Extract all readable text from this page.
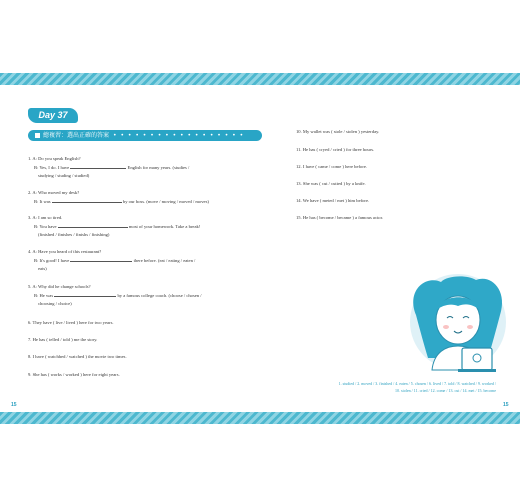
Day 37
總複習：選出正確的答案 • • • • • • • • • • • • • • • • • •
1. A: Do you speak English?
B: Yes, I do. I have	English for many years. (studies /
studying / studing / studied)
2. A: Who moved my desk?
B: It was	by our boss. (move / moving / moved / moves)
3. A: I am so tired.
B: You have	most of your homework. Take a break!
(finished / finishes / finishs / finishing)
4. A: Have you heard of this restaurant?
B: It's good! I have	there before. (eat / eating / eaten /
eats)
5. A: Why did he change schools?
B: He was	by a famous college coach. (choose / chosen /
choosing / choice)
6. They have ( live / lived ) here for two years.
7. He has ( telled / told ) me the story.
8. I have ( watchhed / watched ) the movie two times.
9. She has ( works / worked ) here for eight years.
10. My wallet was ( stole / stolen ) yesterday.
11. He has ( cryed / cried ) for three hours.
12. I have ( came / come ) here before.
13. She was ( cut / cutted ) by a knife.
14. We have ( meted / met ) him before.
15. He has ( become / became ) a famous actor.
1. studied / 2. moved / 3. finished / 4. eaten / 5. chosen / 6. lived / 7. told / 8. watched / 9. worked /
10. stolen / 11. cried / 12. come / 13. cut / 14. met / 15. become
15	15
